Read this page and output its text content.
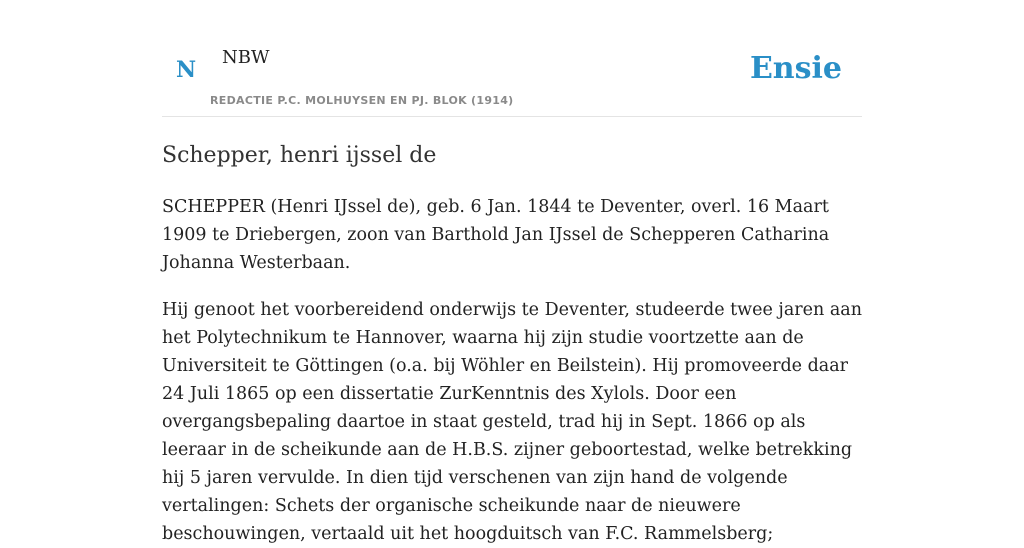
N NBW
REDACTIE P.C. MOLHUYSEN EN PJ. BLOK (1914)
Ensie
Schepper, henri ijssel de

SCHEPPER (Henri IJssel de), geb. 6 Jan. 1844 te Deventer, overl. 16 Maart 1909 te Driebergen, zoon van Barthold Jan IJssel de Schepperen Catharina Johanna Westerbaan.

Hij genoot het voorbereidend onderwijs te Deventer, studeerde twee jaren aan het Polytechnikum te Hannover, waarna hij zijn studie voortzette aan de Universiteit te Göttingen (o.a. bij Wöhler en Beilstein). Hij promoveerde daar 24 Juli 1865 op een dissertatie ZurKenntnis des Xylols. Door een overgangsbepaling daartoe in staat gesteld, trad hij in Sept. 1866 op als leeraar in de scheikunde aan de H.B.S. zijner geboortestad, welke betrekking hij 5 jaren vervulde. In dien tijd verschenen van zijn hand de volgende vertalingen: Schets der organische scheikunde naar de nieuwere beschouwingen, vertaald uit het hoogduitsch van F.C. Rammelsberg;
